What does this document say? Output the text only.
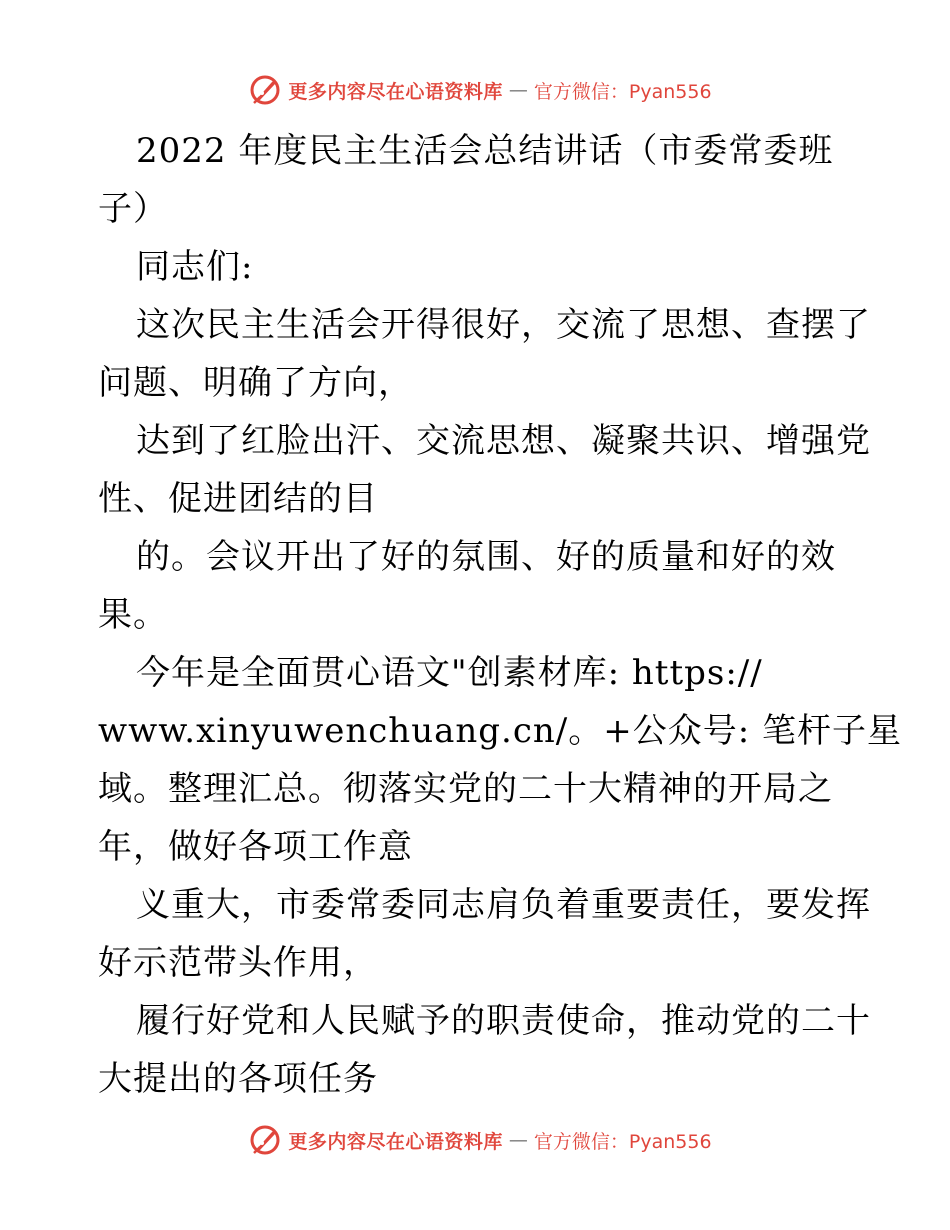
更多内容尽在心语资料库 — 官方微信：Pyan556
2022 年度民主生活会总结讲话（市委常委班
子）
同志们:
这次民主生活会开得很好，交流了思想、查摆了
问题、明确了方向，
达到了红脸出汗、交流思想、凝聚共识、增强党
性、促进团结的目
的。会议开出了好的氛围、好的质量和好的效
果。
今年是全面贯心语文"创素材库: https://
www.xinyuwenchuang.cn/。+公众号: 笔杆子星
域。整理汇总。彻落实党的二十大精神的开局之
年，做好各项工作意
义重大，市委常委同志肩负着重要责任，要发挥
好示范带头作用，
履行好党和人民赋予的职责使命，推动党的二十
大提出的各项任务
更多内容尽在心语资料库 — 官方微信：Pyan556
